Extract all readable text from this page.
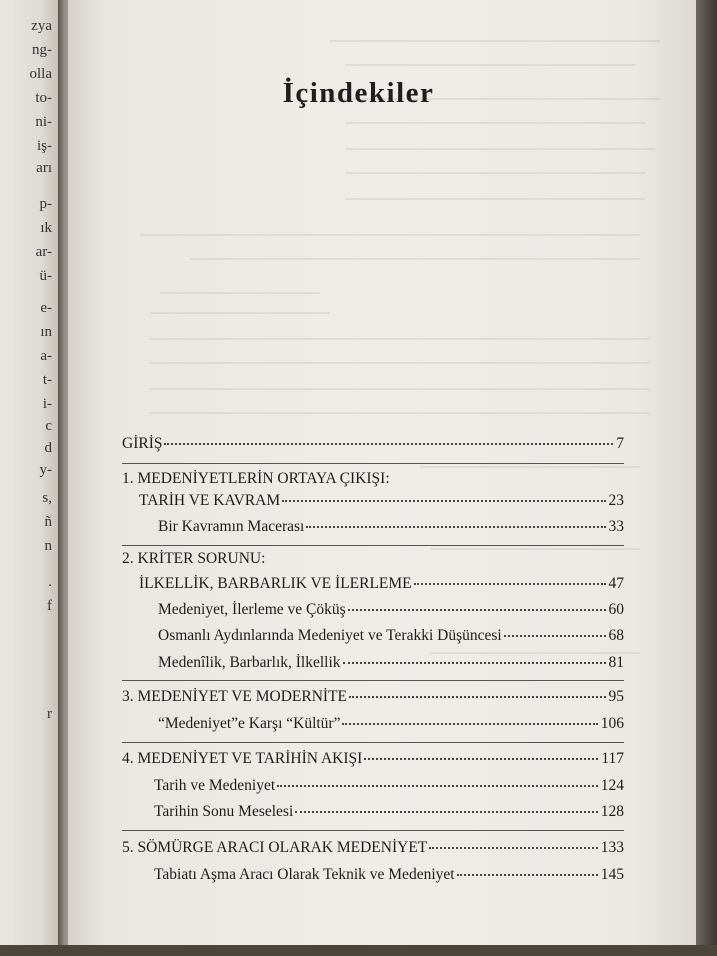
zya
ng-
olla
to-
ni-
iş-
arı
p-
ık
ar-
ü-
e-
ın
a-
t-
i-
c
d
y-
s,
ñ
n
.
f
r
İçindekiler
GİRİŞ	7
1. MEDENİYETLERİN ORTAYA ÇIKIŞI:
TARİH VE KAVRAM	23
Bir Kavramın Macerası	33
2. KRİTER SORUNU:
İLKELLİK, BARBARLIK VE İLERLEME	47
Medeniyet, İlerleme ve Çöküş	60
Osmanlı Aydınlarında Medeniyet ve Terakki Düşüncesi	68
Medenîlik, Barbarlık, İlkellik	81
3. MEDENİYET VE MODERNİTE	95
“Medeniyet”e Karşı “Kültür”	106
4. MEDENİYET VE TARİHİN AKIŞI	117
Tarih ve Medeniyet	124
Tarihin Sonu Meselesi	128
5. SÖMÜRGE ARACI OLARAK MEDENİYET	133
Tabiatı Aşma Aracı Olarak Teknik ve Medeniyet	145
